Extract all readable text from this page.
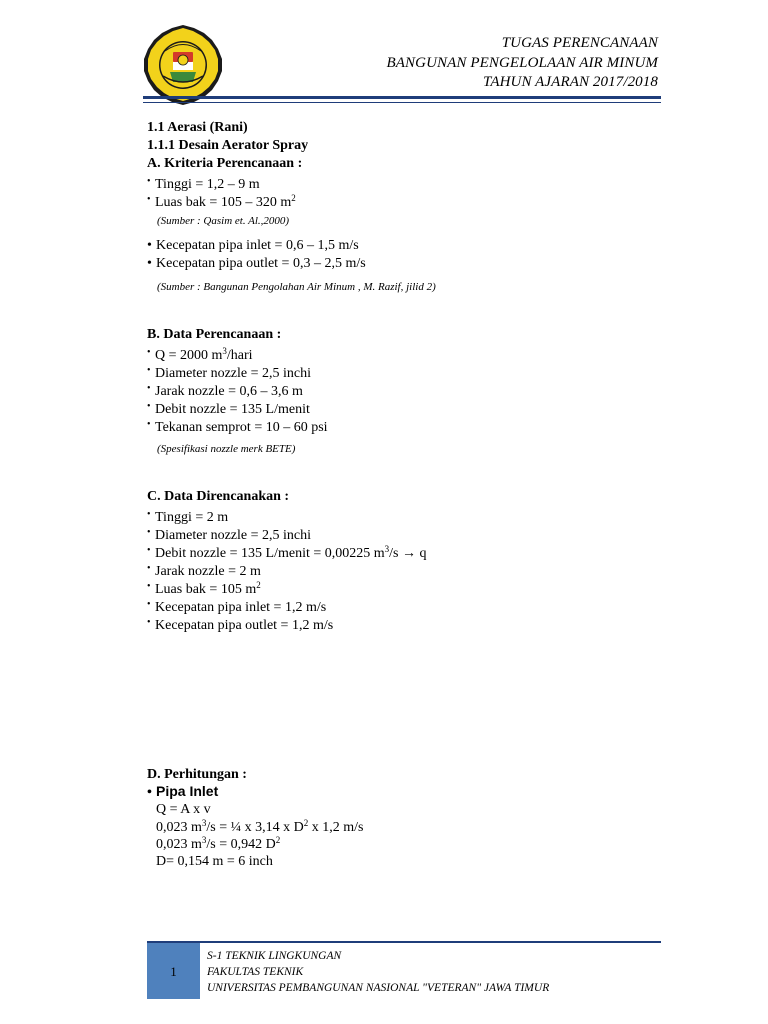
TUGAS PERENCANAAN
BANGUNAN PENGELOLAAN AIR MINUM
TAHUN AJARAN 2017/2018
1.1 Aerasi (Rani)
1.1.1 Desain Aerator Spray
A. Kriteria Perencanaan :
• Tinggi = 1,2 – 9 m
• Luas bak = 105 – 320 $m^2$
(Sumber : Qasim et. Al.,2000)
• Kecepatan pipa inlet = 0,6 – 1,5 m/s
• Kecepatan pipa outlet = 0,3 – 2,5 m/s
(Sumber : Bangunan Pengolahan Air Minum , M. Razif, jilid 2)
B. Data Perencanaan :
• Q = 2000 $m^3$/hari
• Diameter nozzle = 2,5 inchi
• Jarak nozzle = 0,6 – 3,6 m
• Debit nozzle = 135 L/menit
• Tekanan semprot = 10 – 60 psi
(Spesifikasi nozzle merk BETE)
C. Data Direncanakan :
• Tinggi = 2 m
• Diameter nozzle = 2,5 inchi
• Debit nozzle = 135 L/menit = 0,00225 $m^3/s \to q$
• Jarak nozzle = 2 m
• Luas bak = 105 $m^2$
• Kecepatan pipa inlet = 1,2 m/s
• Kecepatan pipa outlet = 1,2 m/s
D. Perhitungan :
• Pipa Inlet
Q = A x v
0,023 $m^3/s$ = ¼ x 3,14 x $D^2$ x 1,2 m/s
0,023 $m^3/s = 0,942$ $D^2$
D= 0,154 m = 6 inch
1
S-1 TEKNIK LINGKUNGAN
FAKULTAS TEKNIK
UNIVERSITAS PEMBANGUNAN NASIONAL "VETERAN" JAWA TIMUR
